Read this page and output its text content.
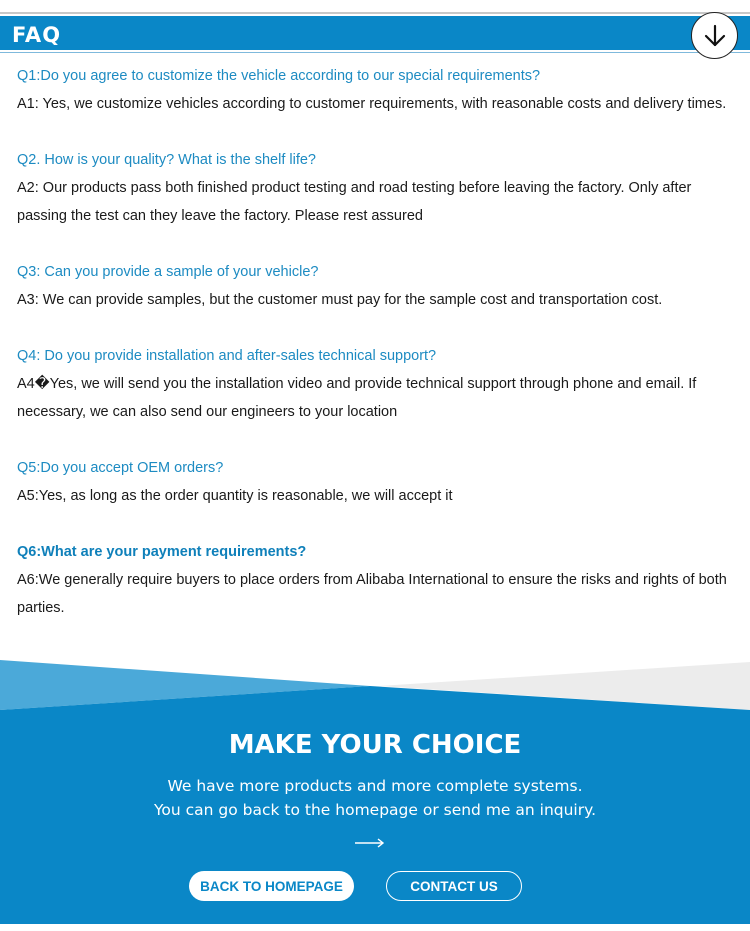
FAQ
Q1:Do you agree to customize the vehicle according to our special requirements?
A1: Yes, we customize vehicles according to customer requirements, with reasonable costs and delivery times.
Q2. How is your quality? What is the shelf life?
A2: Our products pass both finished product testing and road testing before leaving the factory. Only after passing the test can they leave the factory. Please rest assured
Q3: Can you provide a sample of your vehicle?
A3: We can provide samples, but the customer must pay for the sample cost and transportation cost.
Q4: Do you provide installation and after-sales technical support?
A4�Yes, we will send you the installation video and provide technical support through phone and email. If necessary, we can also send our engineers to your location
Q5:Do you accept OEM orders?
A5:Yes, as long as the order quantity is reasonable, we will accept it
Q6:What are your payment requirements?
A6:We generally require buyers to place orders from Alibaba International to ensure the risks and rights of both parties.
MAKE YOUR CHOICE
We have more products and more complete systems.
You can go back to the homepage or send me an inquiry.
BACK TO HOMEPAGE	CONTACT US
